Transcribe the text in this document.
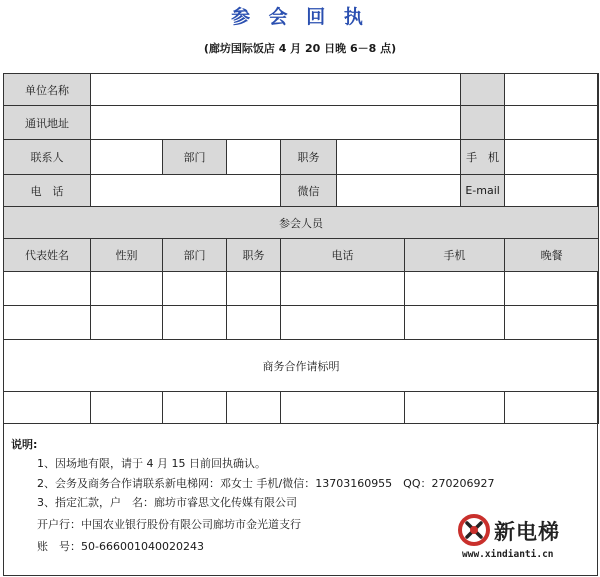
参 会 回 执
(廊坊国际饭店 4 月 20 日晚 6－8 点)
单位名称								
通讯地址								
联系人		部门		职务			手　机	
电　话				微信			E-mail	
参会人员								
代表姓名	性别	部门	职务	电话		手机		晚餐

商务合作请标明								

说明:
1、因场地有限，请于 4 月 15 日前回执确认。
2、会务及商务合作请联系新电梯网：邓女士 手机/微信：13703160955　QQ：270206927
3、指定汇款，户　名：廊坊市睿思文化传媒有限公司
开户行：中国农业银行股份有限公司廊坊市金光道支行
账　号：50-666001040020243
新电梯
www.xindianti.cn
